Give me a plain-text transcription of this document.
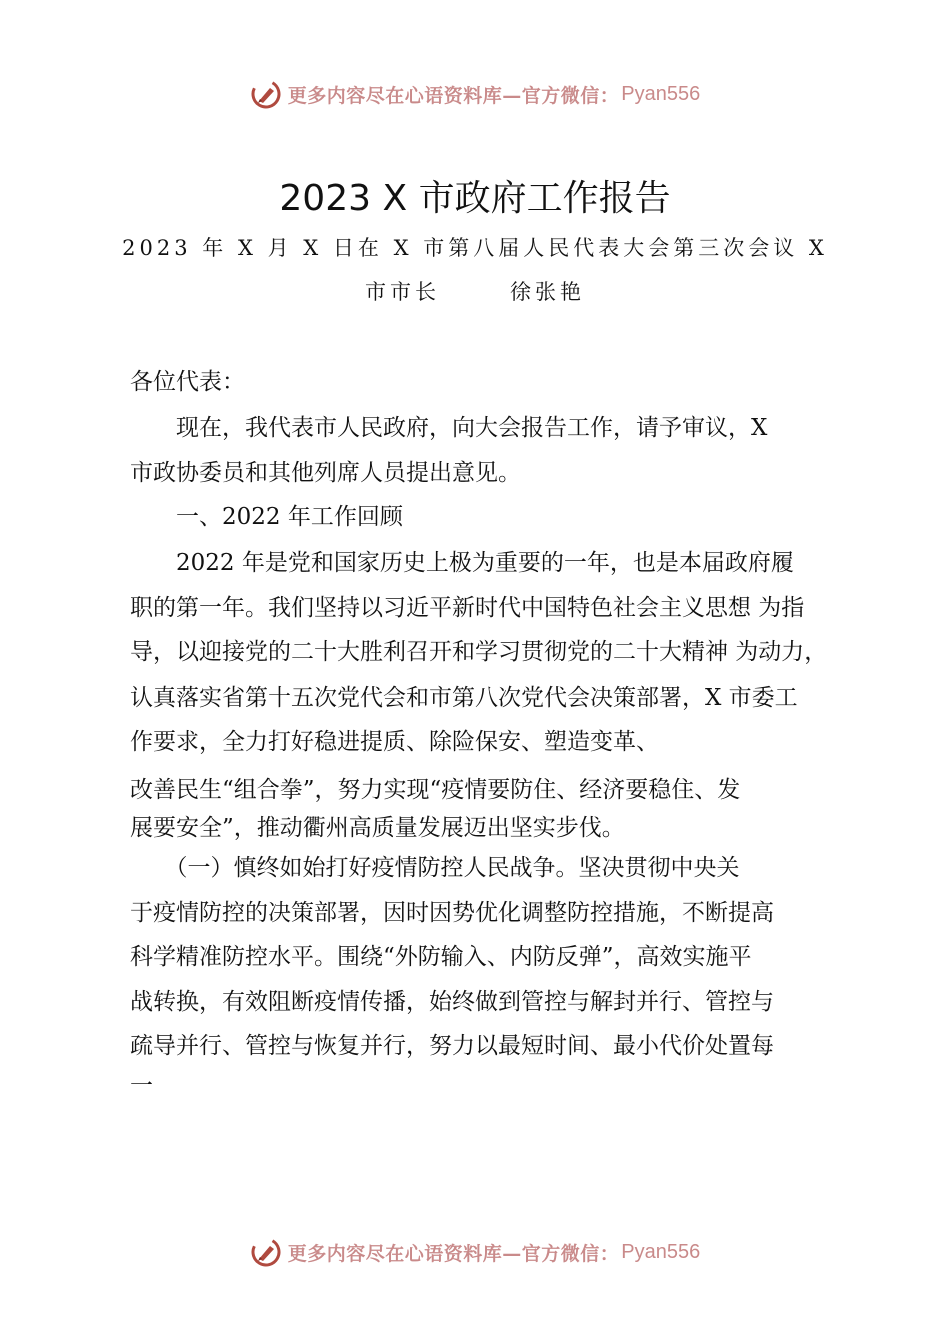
更多内容尽在心语资料库—官方微信： Pyan556
2023 X 市政府工作报告
2023 年 X 月 X 日在 X 市第八届人民代表大会第三次会议 X
市市长	徐张艳
各位代表：
　　现在，我代表市人民政府，向大会报告工作，请予审议，X
市政协委员和其他列席人员提出意见。
　　一、2022 年工作回顾
　　2022 年是党和国家历史上极为重要的一年，也是本届政府履
职的第一年。我们坚持以习近平新时代中国特色社会主义思想 为指
导，以迎接党的二十大胜利召开和学习贯彻党的二十大精神 为动力，
认真落实省第十五次党代会和市第八次党代会决策部署，X 市委工
作要求，全力打好稳进提质、除险保安、塑造变革、
改善民生“组合拳”，努力实现“疫情要防住、经济要稳住、发
展要安全”，推动衢州高质量发展迈出坚实步伐。
　　（一）慎终如始打好疫情防控人民战争。坚决贯彻中央关
于疫情防控的决策部署，因时因势优化调整防控措施，不断提高
科学精准防控水平。围绕“外防输入、内防反弹”，高效实施平
战转换，有效阻断疫情传播，始终做到管控与解封并行、管控与
疏导并行、管控与恢复并行，努力以最短时间、最小代价处置每
一
更多内容尽在心语资料库—官方微信： Pyan556
